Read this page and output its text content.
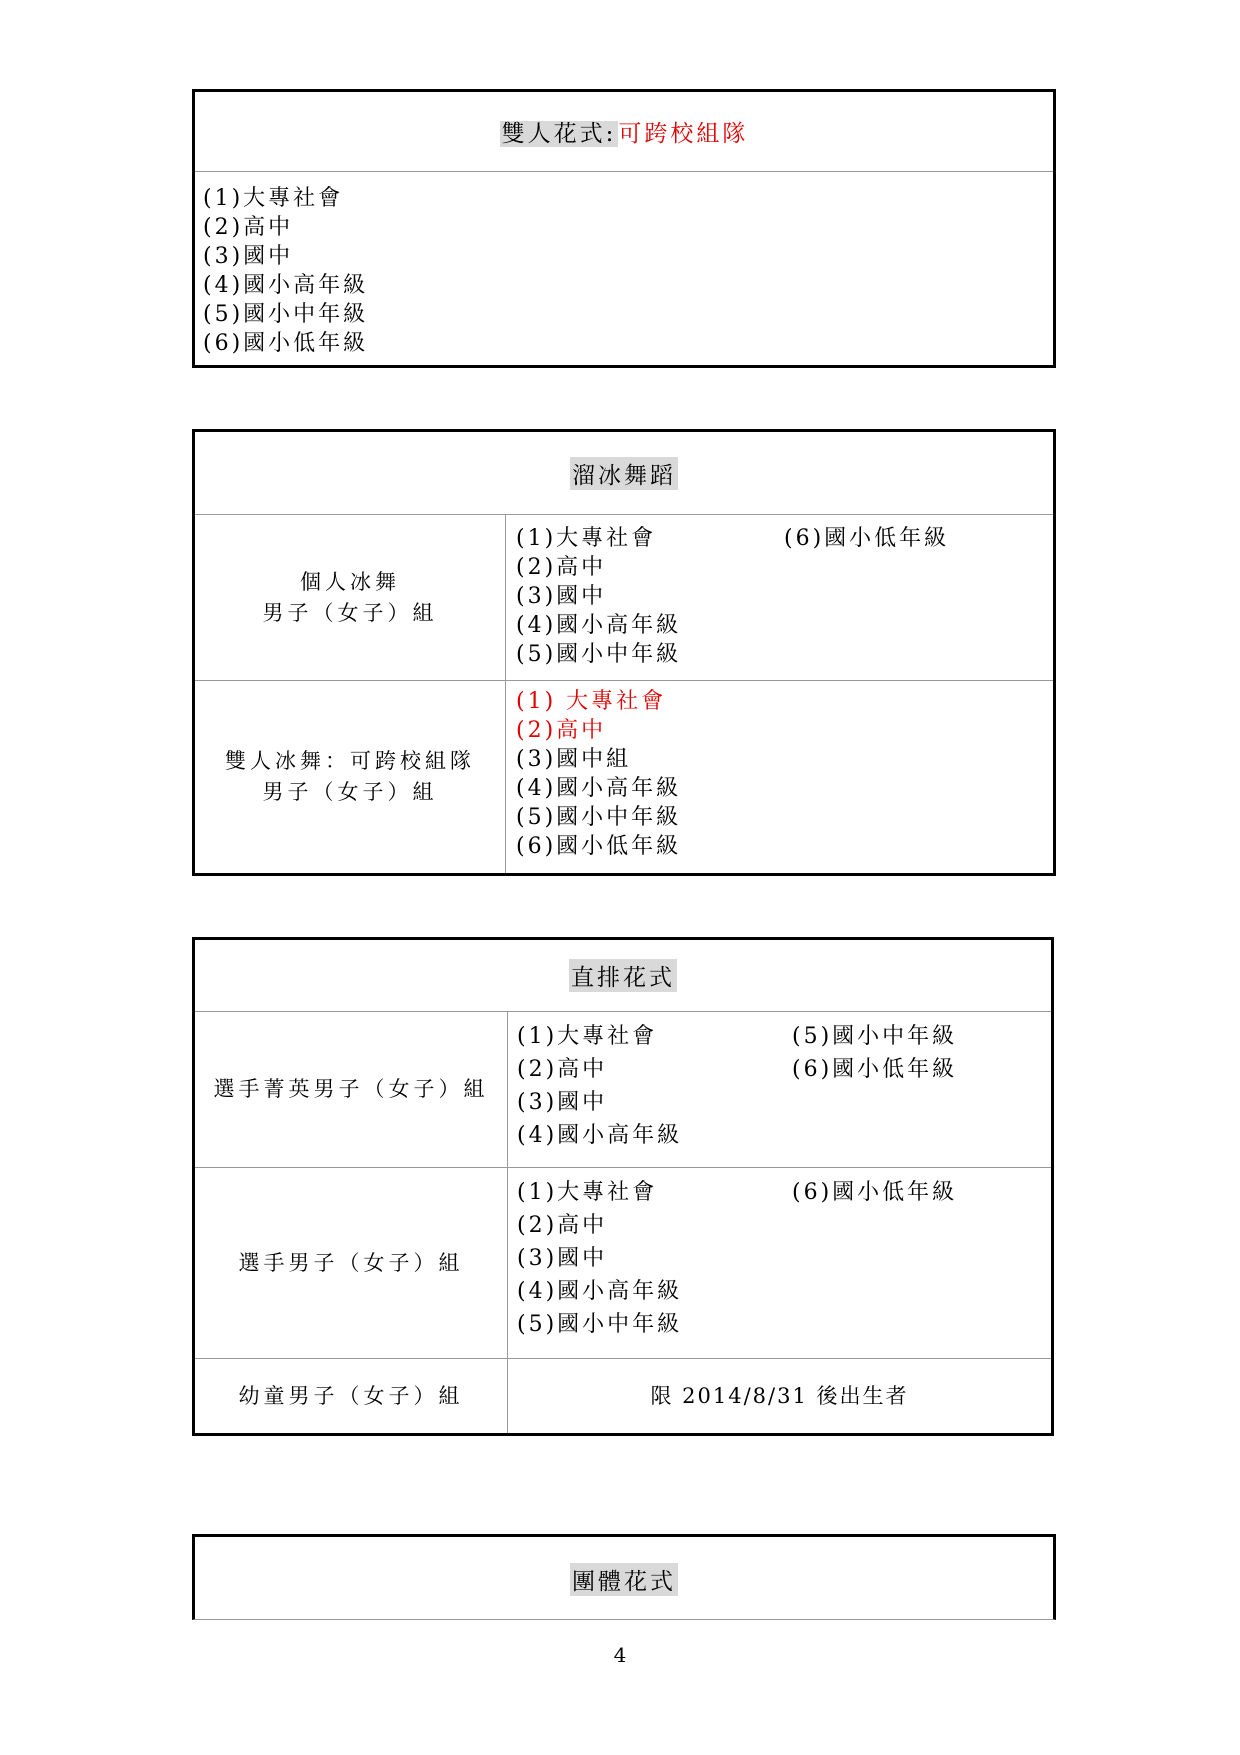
雙人花式:可跨校組隊
(1)大專社會
(2)高中
(3)國中
(4)國小高年級
(5)國小中年級
(6)國小低年級
溜冰舞蹈
個人冰舞
男子（女子）組
(1)大專社會
(2)高中
(3)國中
(4)國小高年級
(5)國小中年級
(6)國小低年級
雙人冰舞：可跨校組隊
男子（女子）組
(1) 大專社會
(2)高中
(3)國中組
(4)國小高年級
(5)國小中年級
(6)國小低年級
直排花式
選手菁英男子（女子）組
(1)大專社會
(2)高中
(3)國中
(4)國小高年級
(5)國小中年級
(6)國小低年級
選手男子（女子）組
(1)大專社會
(2)高中
(3)國中
(4)國小高年級
(5)國小中年級
(6)國小低年級
幼童男子（女子）組	限 2014/8/31 後出生者
團體花式
4
